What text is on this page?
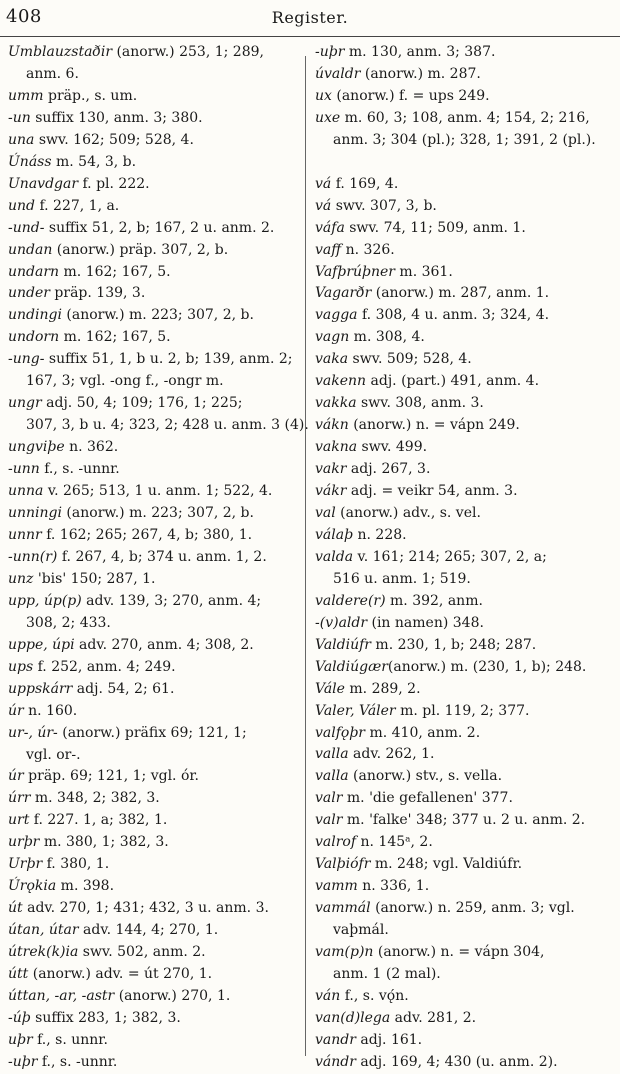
408	Register.
Umblauzstaðir (anorw.) 253, 1; 289,
anm. 6.
umm präp., s. um.
-un suffix 130, anm. 3; 380.
una swv. 162; 509; 528, 4.
Únáss m. 54, 3, b.
Unavdgar f. pl. 222.
und f. 227, 1, a.
-und- suffix 51, 2, b; 167, 2 u. anm. 2.
undan (anorw.) präp. 307, 2, b.
undarn m. 162; 167, 5.
under präp. 139, 3.
undingi (anorw.) m. 223; 307, 2, b.
undorn m. 162; 167, 5.
-ung- suffix 51, 1, b u. 2, b; 139, anm. 2;
167, 3; vgl. -ong f., -ongr m.
ungr adj. 50, 4; 109; 176, 1; 225;
307, 3, b u. 4; 323, 2; 428 u. anm. 3 (4).
ungviþe n. 362.
-unn f., s. -unnr.
unna v. 265; 513, 1 u. anm. 1; 522, 4.
unningi (anorw.) m. 223; 307, 2, b.
unnr f. 162; 265; 267, 4, b; 380, 1.
-unn(r) f. 267, 4, b; 374 u. anm. 1, 2.
unz 'bis' 150; 287, 1.
upp, úp(p) adv. 139, 3; 270, anm. 4;
308, 2; 433.
uppe, úpi adv. 270, anm. 4; 308, 2.
ups f. 252, anm. 4; 249.
uppskárr adj. 54, 2; 61.
úr n. 160.
ur-, úr- (anorw.) präfix 69; 121, 1;
vgl. or-.
úr präp. 69; 121, 1; vgl. ór.
úrr m. 348, 2; 382, 3.
urt f. 227. 1, a; 382, 1.
urþr m. 380, 1; 382, 3.
Urþr f. 380, 1.
Úrǫkia m. 398.
út adv. 270, 1; 431; 432, 3 u. anm. 3.
útan, útar adv. 144, 4; 270, 1.
útrek(k)ia swv. 502, anm. 2.
útt (anorw.) adv. = út 270, 1.
úttan, -ar, -astr (anorw.) 270, 1.
-úþ suffix 283, 1; 382, 3.
uþr f., s. unnr.
-uþr f., s. -unnr.
-uþr m. 130, anm. 3; 387.
úvaldr (anorw.) m. 287.
ux (anorw.) f. = ups 249.
uxe m. 60, 3; 108, anm. 4; 154, 2; 216,
anm. 3; 304 (pl.); 328, 1; 391, 2 (pl.).
vá f. 169, 4.
vá swv. 307, 3, b.
váfa swv. 74, 11; 509, anm. 1.
vaff n. 326.
Vafþrúþner m. 361.
Vagarðr (anorw.) m. 287, anm. 1.
vagga f. 308, 4 u. anm. 3; 324, 4.
vagn m. 308, 4.
vaka swv. 509; 528, 4.
vakenn adj. (part.) 491, anm. 4.
vakka swv. 308, anm. 3.
vákn (anorw.) n. = vápn 249.
vakna swv. 499.
vakr adj. 267, 3.
vákr adj. = veikr 54, anm. 3.
val (anorw.) adv., s. vel.
válaþ n. 228.
valda v. 161; 214; 265; 307, 2, a;
516 u. anm. 1; 519.
valdere(r) m. 392, anm.
-(v)aldr (in namen) 348.
Valdiúfr m. 230, 1, b; 248; 287.
Valdiúgær(anorw.) m. (230, 1, b); 248.
Vále m. 289, 2.
Valer, Váler m. pl. 119, 2; 377.
valfǫþr m. 410, anm. 2.
valla adv. 262, 1.
valla (anorw.) stv., s. vella.
valr m. 'die gefallenen' 377.
valr m. 'falke' 348; 377 u. 2 u. anm. 2.
valrof n. 145ᵃ, 2.
Valþiófr m. 248; vgl. Valdiúfr.
vamm n. 336, 1.
vammál (anorw.) n. 259, anm. 3; vgl.
vaþmál.
vam(p)n (anorw.) n. = vápn 304,
anm. 1 (2 mal).
ván f., s. vǫ́n.
van(d)lega adv. 281, 2.
vandr adj. 161.
vándr adj. 169, 4; 430 (u. anm. 2).
